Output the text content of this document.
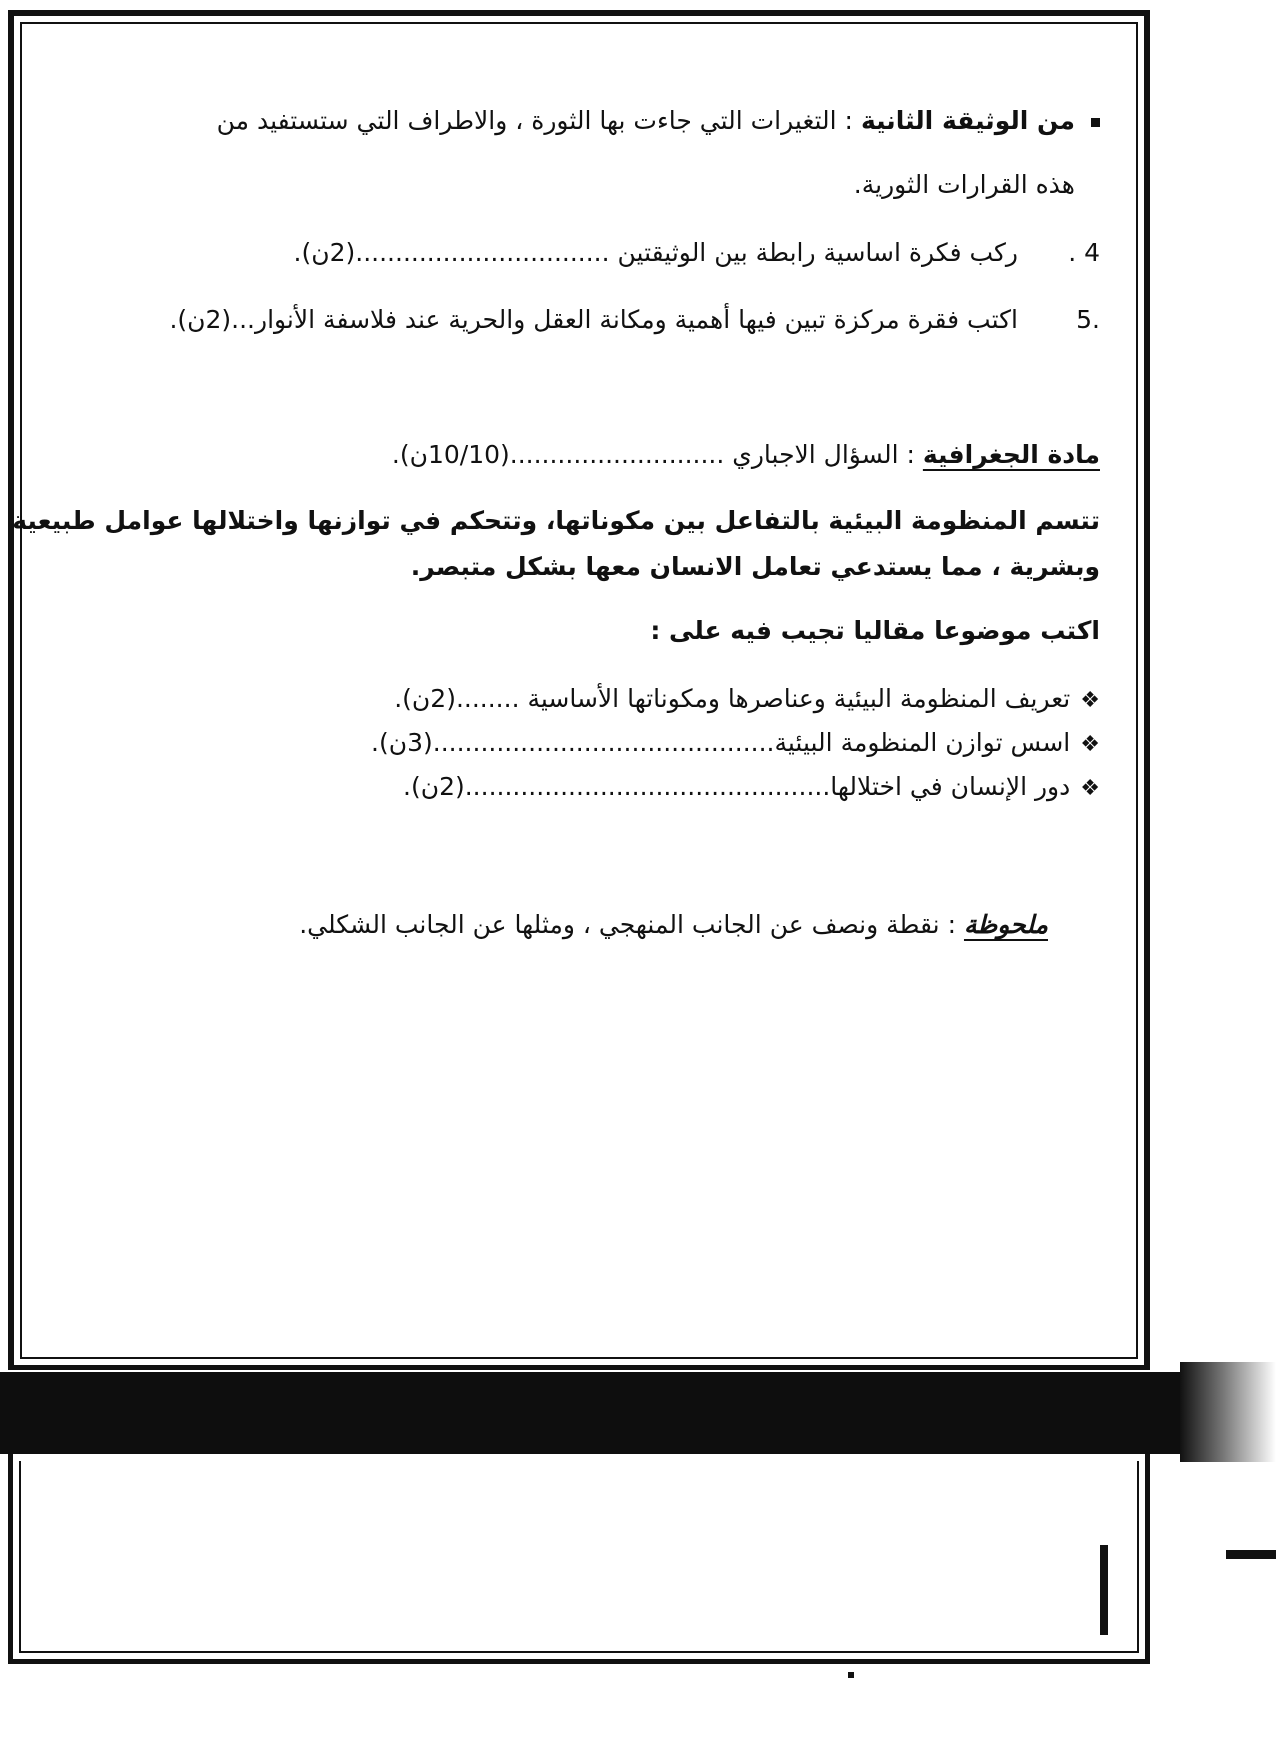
من الوثيقة الثانية : التغيرات التي جاءت بها الثورة ، والاطراف التي ستستفيد من
هذه القرارات الثورية.
4 .ركب فكرة اساسية رابطة بين الوثيقتين ................................(2ن).
.5اكتب فقرة مركزة تبين فيها أهمية ومكانة العقل والحرية عند فلاسفة الأنوار...(2ن).
مادة الجغرافية : السؤال الاجباري ...........................(10/10ن).
تتسم المنظومة البيئية بالتفاعل بين مكوناتها، وتتحكم في توازنها واختلالها عوامل طبيعية
وبشرية ، مما يستدعي تعامل الانسان معها بشكل متبصر.
اكتب موضوعا مقاليا تجيب فيه على :
❖تعريف المنظومة البيئية وعناصرها ومكوناتها الأساسية ........(2ن).
❖اسس توازن المنظومة البيئية...........................................(3ن).
❖دور الإنسان في اختلالها..............................................(2ن).
ملحوظة : نقطة ونصف عن الجانب المنهجي ، ومثلها عن الجانب الشكلي.
